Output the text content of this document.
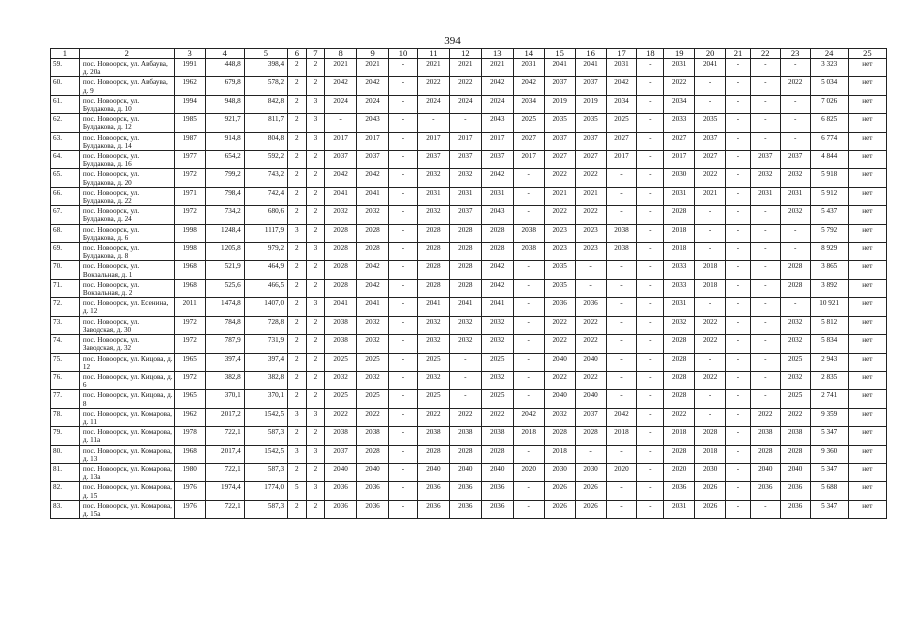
394
1	2	3	4	5	6	7	8	9	10	11	12	13	14	15	16	17	18	19	20	21	22	23	24	25
59.	пос. Новоорск, ул. Авбаува, д. 20а	1991	448,8	398,4	2	2	2021	2021	-	2021	2021	2021	2031	2041	2041	2031	-	2031	2041	-	-	-	3 323	нет
60.	пос. Новоорск, ул. Авбаува, д. 9	1962	679,8	578,2	2	2	2042	2042	-	2022	2022	2042	2042	2037	2037	2042	-	2022	-	-	-	2022	5 034	нет
61.	пос. Новоорск, ул. Булдакова, д. 10	1994	948,8	842,8	2	3	2024	2024	-	2024	2024	2024	2034	2019	2019	2034	-	2034	-	-	-	-	7 026	нет
62.	пос. Новоорск, ул. Булдакова, д. 12	1985	921,7	811,7	2	3	-	2043	-	-	-	2043	2025	2035	2035	2025	-	2033	2035	-	-	-	6 825	нет
63.	пос. Новоорск, ул. Булдакова, д. 14	1987	914,8	804,8	2	3	2017	2017	-	2017	2017	2017	2027	2037	2037	2027	-	2027	2037	-	-	-	6 774	нет
64.	пос. Новоорск, ул. Булдакова, д. 16	1977	654,2	592,2	2	2	2037	2037	-	2037	2037	2037	2017	2027	2027	2017	-	2017	2027	-	2037	2037	4 844	нет
65.	пос. Новоорск, ул. Булдакова, д. 20	1972	799,2	743,2	2	2	2042	2042	-	2032	2032	2042	-	2022	2022	-	-	2030	2022	-	2032	2032	5 918	нет
66.	пос. Новоорск, ул. Булдакова, д. 22	1971	798,4	742,4	2	2	2041	2041	-	2031	2031	2031	-	2021	2021	-	-	2031	2021	-	2031	2031	5 912	нет
67.	пос. Новоорск, ул. Булдакова, д. 24	1972	734,2	680,6	2	2	2032	2032	-	2032	2037	2043	-	2022	2022	-	-	2028	-	-	-	2032	5 437	нет
68.	пос. Новоорск, ул. Булдакова, д. 6	1998	1248,4	1117,9	3	2	2028	2028	-	2028	2028	2028	2038	2023	2023	2038	-	2018	-	-	-	-	5 792	нет
69.	пос. Новоорск, ул. Булдакова, д. 8	1998	1205,8	979,2	2	3	2028	2028	-	2028	2028	2028	2038	2023	2023	2038	-	2018	-	-	-	-	8 929	нет
70.	пос. Новоорск, ул. Вокзальная, д. 1	1968	521,9	464,9	2	2	2028	2042	-	2028	2028	2042	-	2035	-	-	-	2033	2018	-	-	2028	3 865	нет
71.	пос. Новоорск, ул. Вокзальная, д. 2	1968	525,6	466,5	2	2	2028	2042	-	2028	2028	2042	-	2035	-	-	-	2033	2018	-	-	2028	3 892	нет
72.	пос. Новоорск, ул. Есенина, д. 12	2011	1474,8	1407,0	2	3	2041	2041	-	2041	2041	2041	-	2036	2036	-	-	2031	-	-	-	-	10 921	нет
73.	пос. Новоорск, ул. Заводская, д. 30	1972	784,8	728,8	2	2	2038	2032	-	2032	2032	2032	-	2022	2022	-	-	2032	2022	-	-	2032	5 812	нет
74.	пос. Новоорск, ул. Заводская, д. 32	1972	787,9	731,9	2	2	2038	2032	-	2032	2032	2032	-	2022	2022	-	-	2028	2022	-	-	2032	5 834	нет
75.	пос. Новоорск, ул. Кицова, д. 12	1965	397,4	397,4	2	2	2025	2025	-	2025	-	2025	-	2040	2040	-	-	2028	-	-	-	2025	2 943	нет
76.	пос. Новоорск, ул. Кицова, д. 6	1972	382,8	382,8	2	2	2032	2032	-	2032	-	2032	-	2022	2022	-	-	2028	2022	-	-	2032	2 835	нет
77.	пос. Новоорск, ул. Кицова, д. 8	1965	370,1	370,1	2	2	2025	2025	-	2025	-	2025	-	2040	2040	-	-	2028	-	-	-	2025	2 741	нет
78.	пос. Новоорск, ул. Комарова, д. 11	1962	2017,2	1542,5	3	3	2022	2022	-	2022	2022	2022	2042	2032	2037	2042	-	2022	-	-	2022	2022	9 359	нет
79.	пос. Новоорск, ул. Комарова, д. 11а	1978	722,1	587,3	2	2	2038	2038	-	2038	2038	2038	2018	2028	2028	2018	-	2018	2028	-	2038	2038	5 347	нет
80.	пос. Новоорск, ул. Комарова, д. 13	1968	2017,4	1542,5	3	3	2037	2028	-	2028	2028	2028	-	2018	-	-	-	2028	2018	-	2028	2028	9 360	нет
81.	пос. Новоорск, ул. Комарова, д. 13а	1980	722,1	587,3	2	2	2040	2040	-	2040	2040	2040	2020	2030	2030	2020	-	2020	2030	-	2040	2040	5 347	нет
82.	пос. Новоорск, ул. Комарова, д. 15	1976	1974,4	1774,0	5	3	2036	2036	-	2036	2036	2036	-	2026	2026	-	-	2036	2026	-	2036	2036	5 688	нет
83.	пос. Новоорск, ул. Комарова, д. 15а	1976	722,1	587,3	2	2	2036	2036	-	2036	2036	2036	-	2026	2026	-	-	2031	2026	-	-	2036	5 347	нет
